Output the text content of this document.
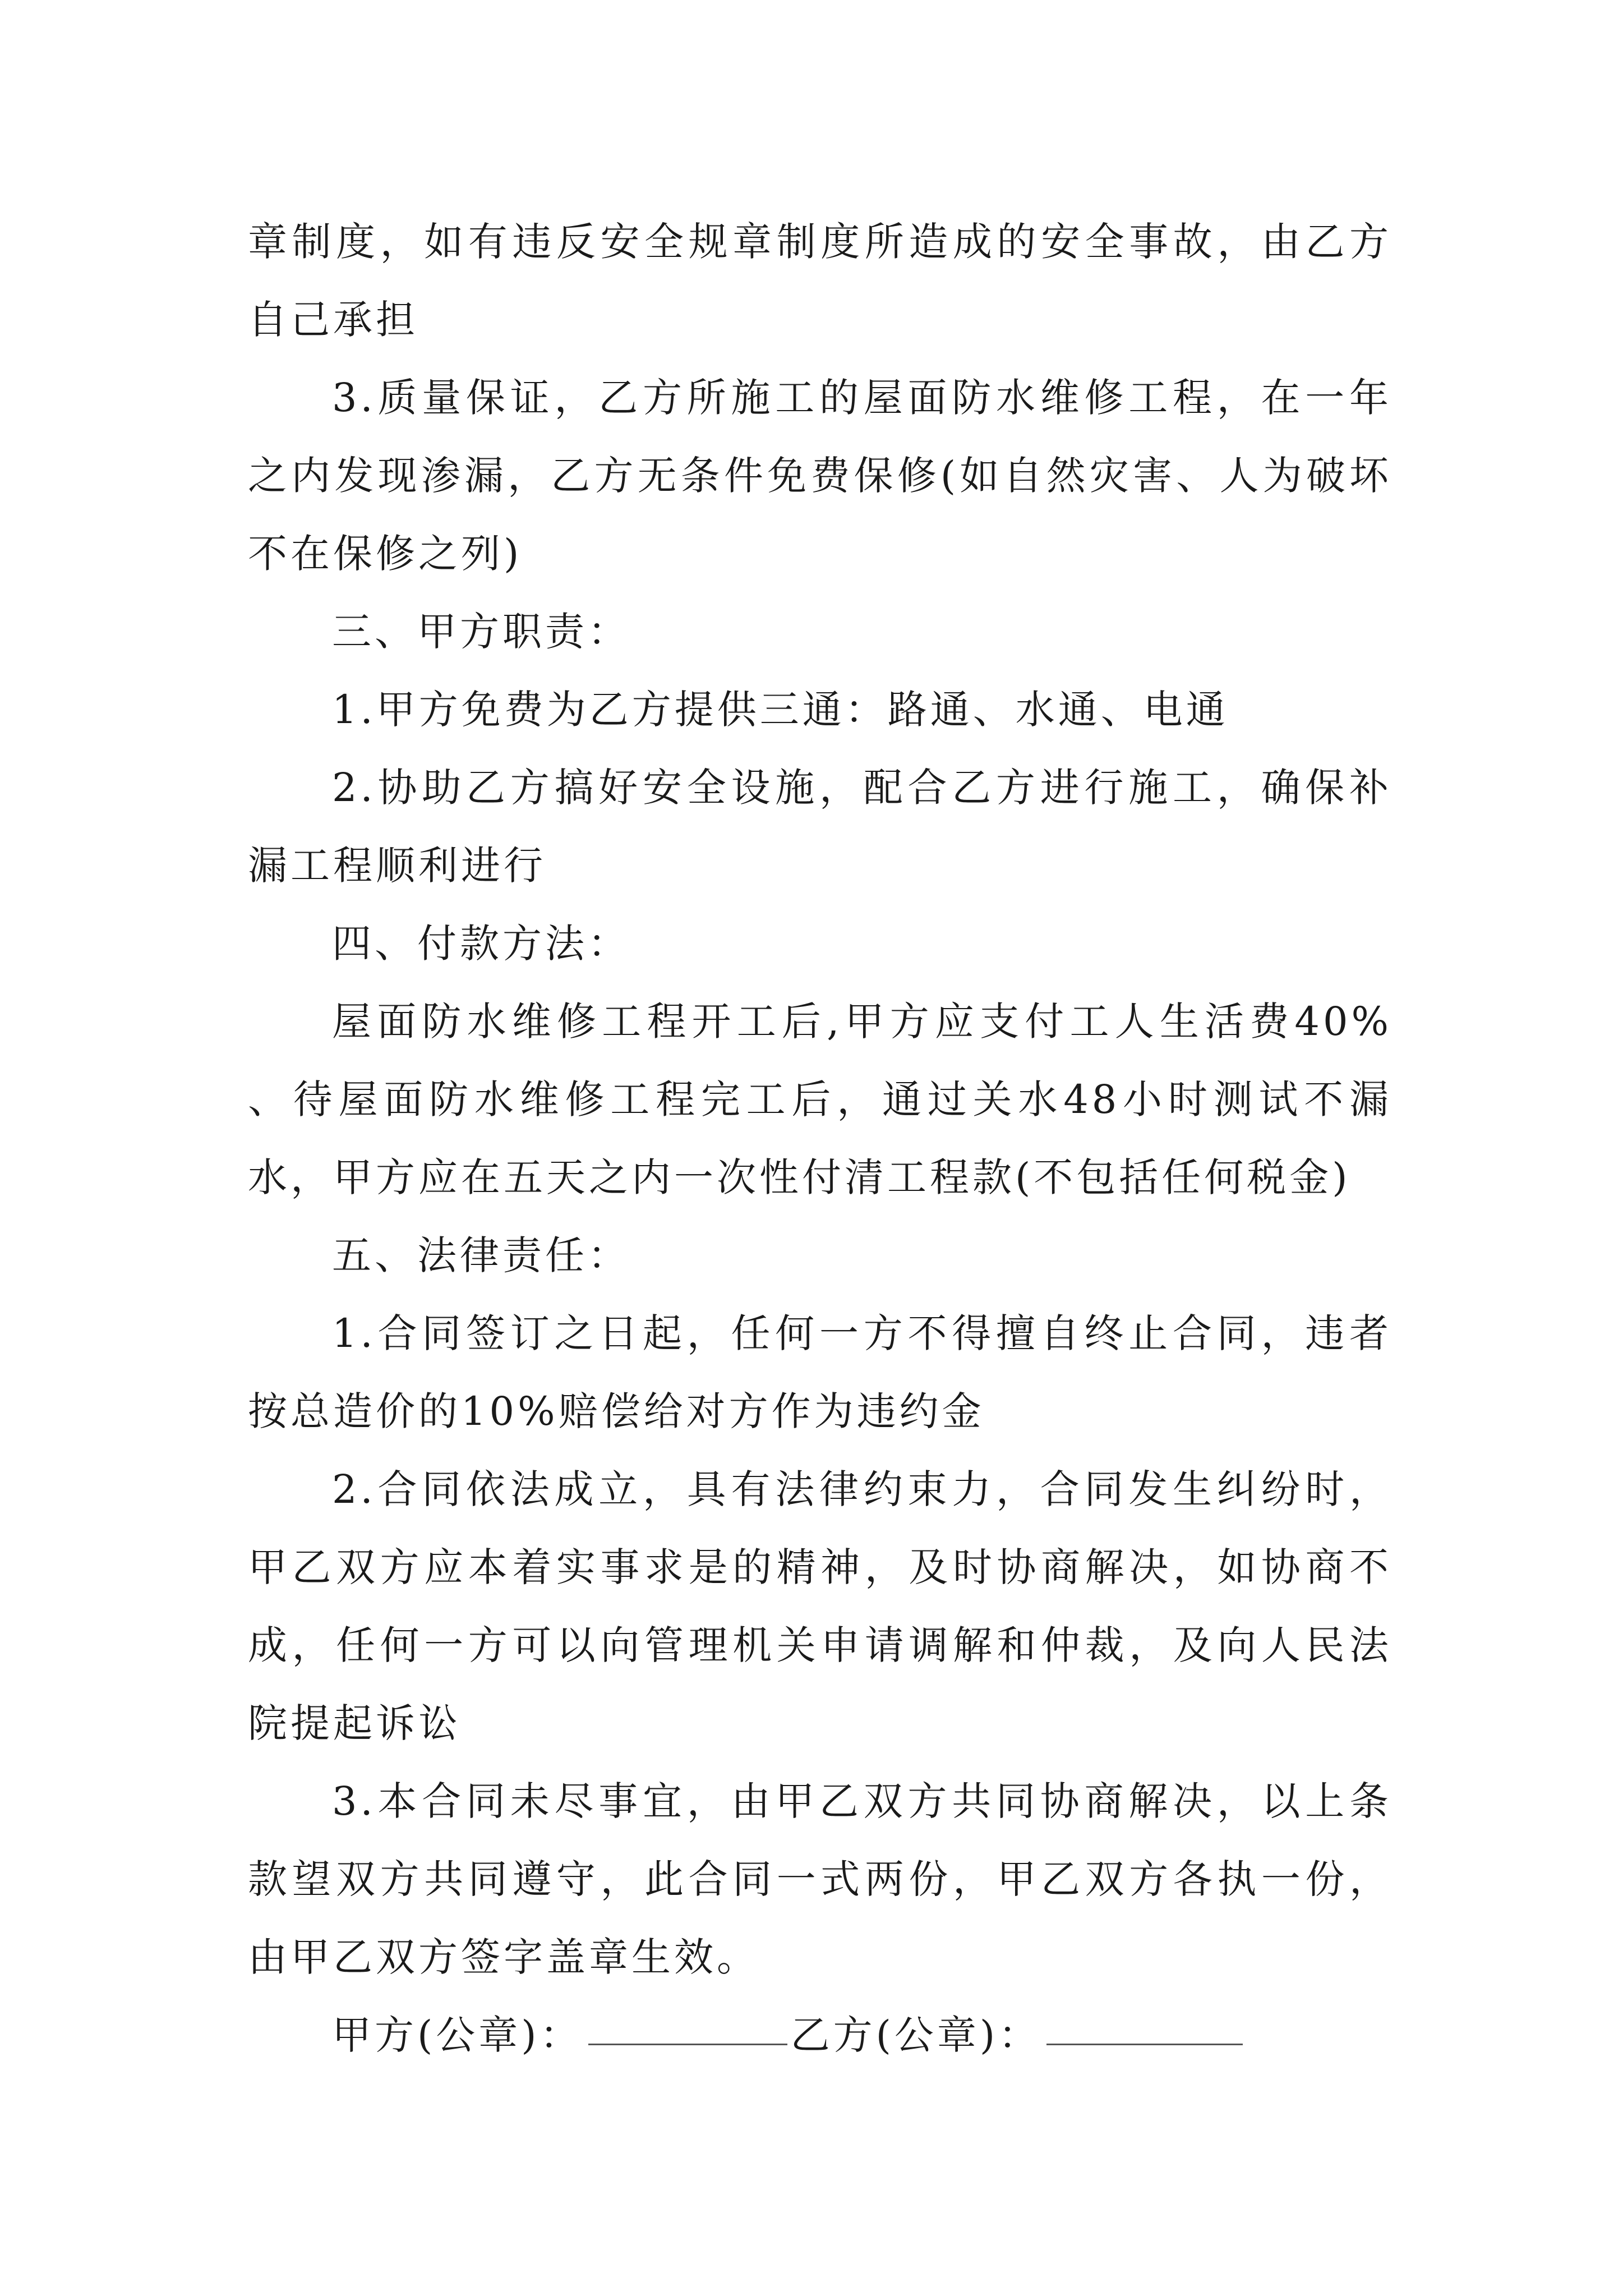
章制度，如有违反安全规章制度所造成的安全事故，由乙方自己承担

3.质量保证，乙方所施工的屋面防水维修工程，在一年之内发现渗漏，乙方无条件免费保修(如自然灾害、人为破坏不在保修之列)

三、甲方职责：

1.甲方免费为乙方提供三通：路通、水通、电通

2.协助乙方搞好安全设施，配合乙方进行施工，确保补漏工程顺利进行

四、付款方法：

屋面防水维修工程开工后,甲方应支付工人生活费40% 、待屋面防水维修工程完工后，通过关水48小时测试不漏水，甲方应在五天之内一次性付清工程款(不包括任何税金)

五、法律责任：

1.合同签订之日起，任何一方不得擅自终止合同，违者按总造价的10%赔偿给对方作为违约金

2.合同依法成立，具有法律约束力，合同发生纠纷时，甲乙双方应本着实事求是的精神，及时协商解决，如协商不成，任何一方可以向管理机关申请调解和仲裁，及向人民法院提起诉讼

3.本合同未尽事宜，由甲乙双方共同协商解决，以上条款望双方共同遵守，此合同一式两份，甲乙双方各执一份，由甲乙双方签字盖章生效。

甲方(公章)：	乙方(公章)：
